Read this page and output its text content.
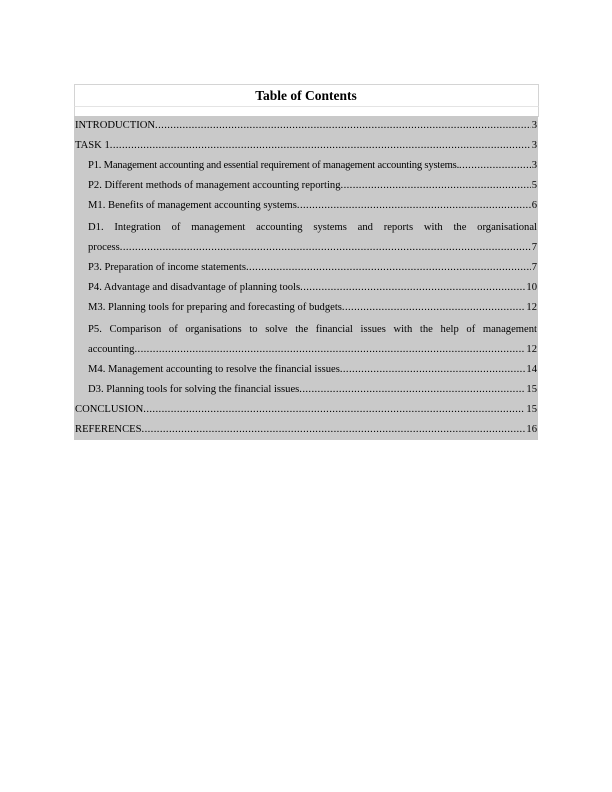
Table of Contents
INTRODUCTION .....	3
TASK 1 .....	3
P1. Management accounting and essential requirement of management accounting systems. .....	3
P2. Different methods of management accounting reporting .....	5
M1. Benefits of management accounting systems .....	6
D1. Integration of management accounting systems and reports with the organisational
process .....	7
P3. Preparation of income statements .....	7
P4. Advantage and disadvantage of planning tools .....	10
M3. Planning tools for preparing and forecasting of budgets .....	12
P5. Comparison of organisations to solve the financial issues with the help of management
accounting .....	12
M4. Management accounting to resolve the financial issues .....	14
D3. Planning tools for solving the financial issues .....	15
CONCLUSION .....	15
REFERENCES .....	16
